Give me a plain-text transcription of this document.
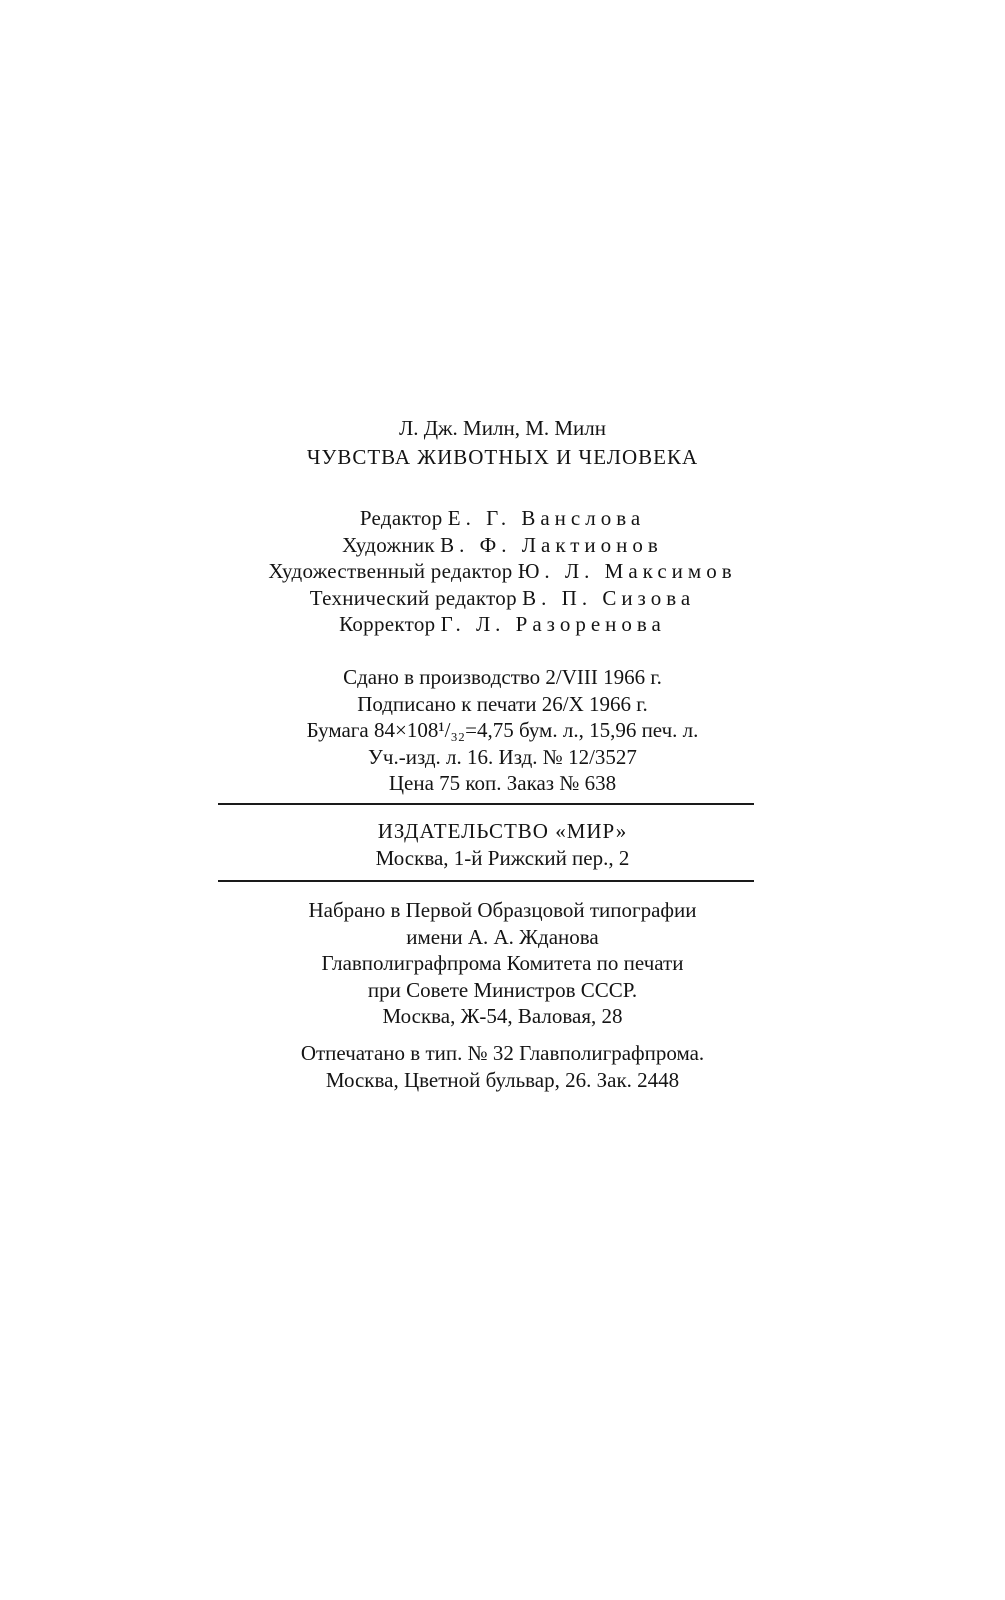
Л. Дж. Милн, М. Милн
ЧУВСТВА ЖИВОТНЫХ И ЧЕЛОВЕКА
Редактор Е. Г. Ванслова
Художник В. Ф. Лактионов
Художественный редактор Ю. Л. Максимов
Технический редактор В. П. Сизова
Корректор Г. Л. Разоренова
Сдано в производство 2/VIII 1966 г.
Подписано к печати 26/X 1966 г.
Бумага 84×108¹/₃₂=4,75 бум. л., 15,96 печ. л.
Уч.-изд. л. 16. Изд. № 12/3527
Цена 75 коп. Заказ № 638
ИЗДАТЕЛЬСТВО «МИР»
Москва, 1-й Рижский пер., 2
Набрано в Первой Образцовой типографии
имени А. А. Жданова
Главполиграфпрома Комитета по печати
при Совете Министров СССР.
Москва, Ж-54, Валовая, 28
Отпечатано в тип. № 32 Главполиграфпрома.
Москва, Цветной бульвар, 26. Зак. 2448
